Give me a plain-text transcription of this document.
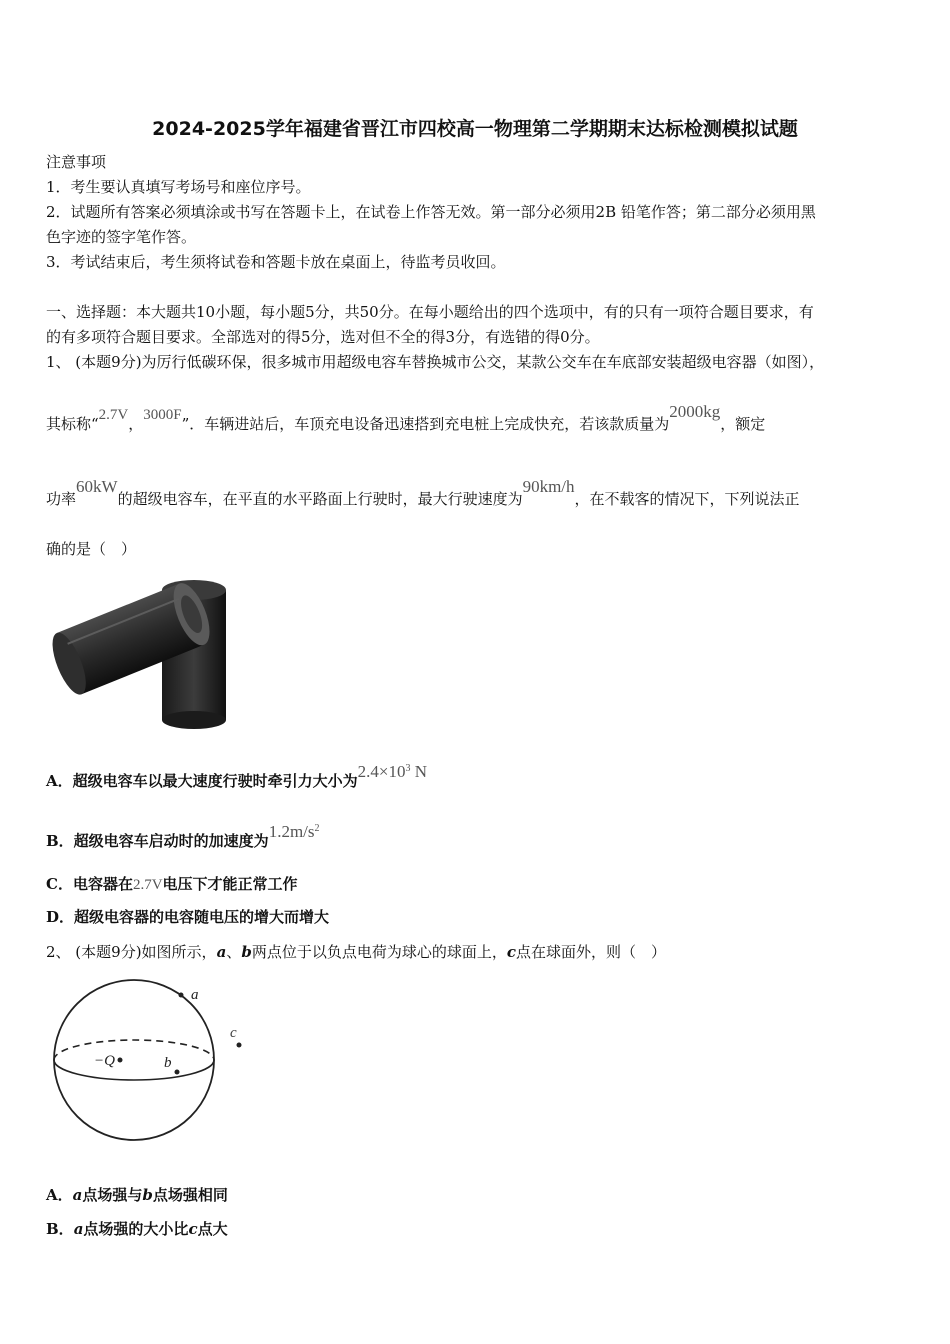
2024-2025学年福建省晋江市四校高一物理第二学期期末达标检测模拟试题
注意事项
1．考生要认真填写考场号和座位序号。
2．试题所有答案必须填涂或书写在答题卡上，在试卷上作答无效。第一部分必须用2B 铅笔作答；第二部分必须用黑
色字迹的签字笔作答。
3．考试结束后，考生须将试卷和答题卡放在桌面上，待监考员收回。
一、选择题：本大题共10小题，每小题5分，共50分。在每小题给出的四个选项中，有的只有一项符合题目要求，有
的有多项符合题目要求。全部选对的得5分，选对但不全的得3分，有选错的得0分。
1、 (本题9分)为厉行低碳环保，很多城市用超级电容车替换城市公交，某款公交车在车底部安装超级电容器（如图），
其标称“2.7V，3000F”．车辆进站后，车顶充电设备迅速搭到充电桩上完成快充，若该款质量为2000kg，额定
功率60kW的超级电容车，在平直的水平路面上行驶时，最大行驶速度为90km/h，在不载客的情况下，下列说法正
确的是（　）
A．超级电容车以最大速度行驶时牵引力大小为$2.4\times 10^3$ N
B．超级电容车启动时的加速度为$1.2m/s^2$
C．电容器在2.7V电压下才能正常工作
D．超级电容器的电容随电压的增大而增大
2、 (本题9分)如图所示，a、b两点位于以负点电荷为球心的球面上，c点在球面外，则（　）
a
−Q	b
c
A．a点场强与b点场强相同
B．a点场强的大小比c点大
